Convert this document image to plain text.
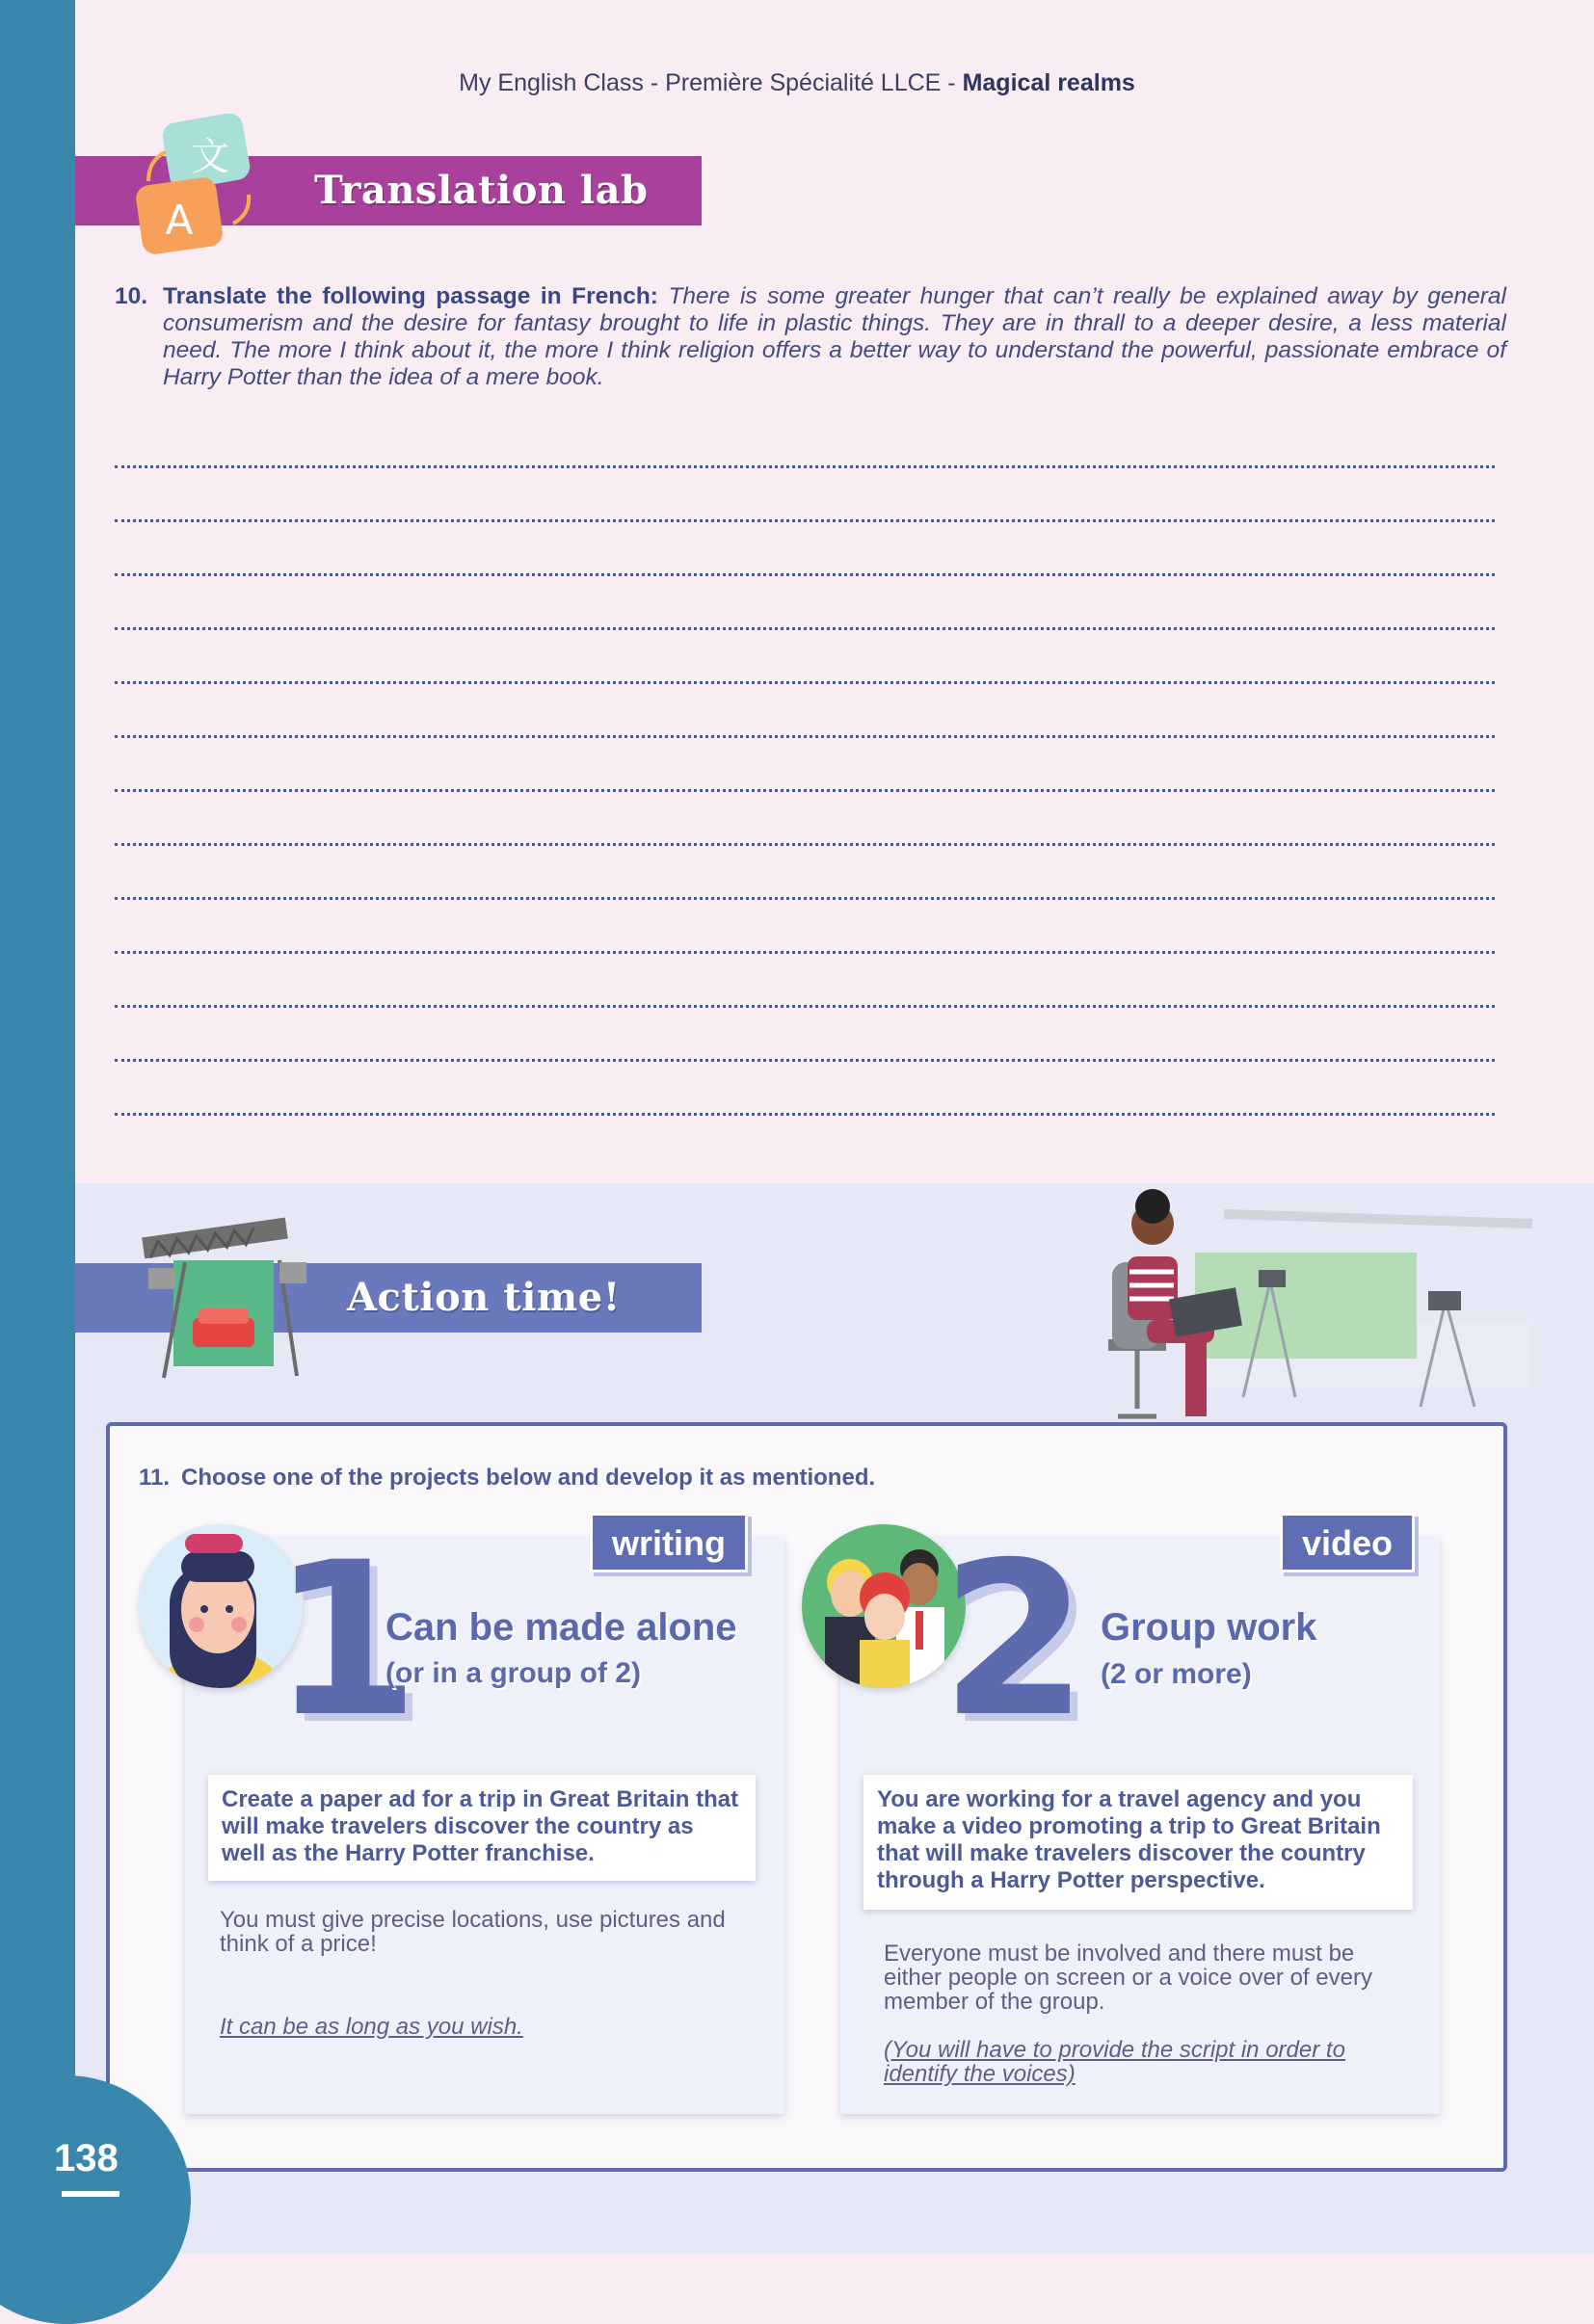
My English Class - Première Spécialité LLCE - Magical realms
Translation lab
文
A
10. Translate the following passage in French: There is some greater hunger that can’t really be explained away by general consumerism and the desire for fantasy brought to life in plastic things. They are in thrall to a deeper desire, a less material need. The more I think about it, the more I think religion offers a better way to understand the powerful, passionate embrace of Harry Potter than the idea of a mere book.
Action time!
11. Choose one of the projects below and develop it as mentioned.
1	writing
Can be made alone
(or in a group of 2)
Create a paper ad for a trip in Great Britain that will make travelers discover the country as well as the Harry Potter franchise.
You must give precise locations, use pictures and think of a price!
It can be as long as you wish.
2	video
Group work
(2 or more)
You are working for a travel agency and you make a video promoting a trip to Great Britain that will make travelers discover the country through a Harry Potter perspective.
Everyone must be involved and there must be either people on screen or a voice over of every member of the group.
(You will have to provide the script in order to identify the voices)
138
